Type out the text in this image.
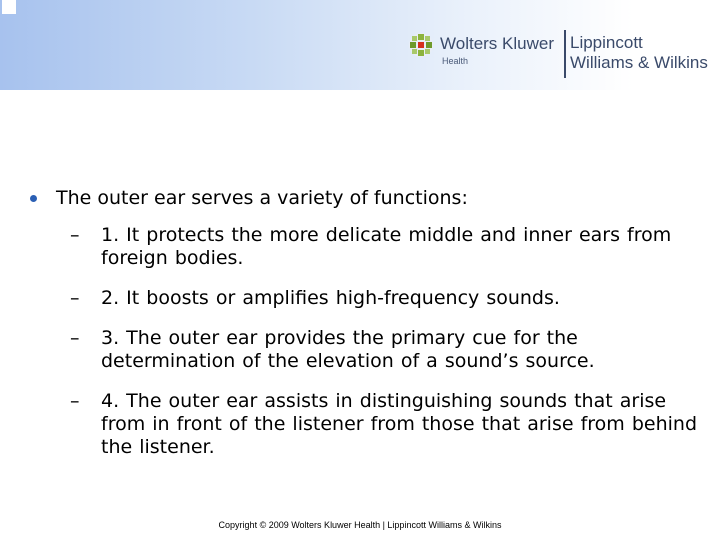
Wolters Kluwer
Health
Lippincott
Williams & Wilkins
The outer ear serves a variety of functions:
– 1. It protects the more delicate middle and inner ears from foreign bodies.
– 2. It boosts or amplifies high-frequency sounds.
– 3. The outer ear provides the primary cue for the determination of the elevation of a sound’s source.
– 4. The outer ear assists in distinguishing sounds that arise from in front of the listener from those that arise from behind the listener.
Copyright © 2009 Wolters Kluwer Health | Lippincott Williams & Wilkins
